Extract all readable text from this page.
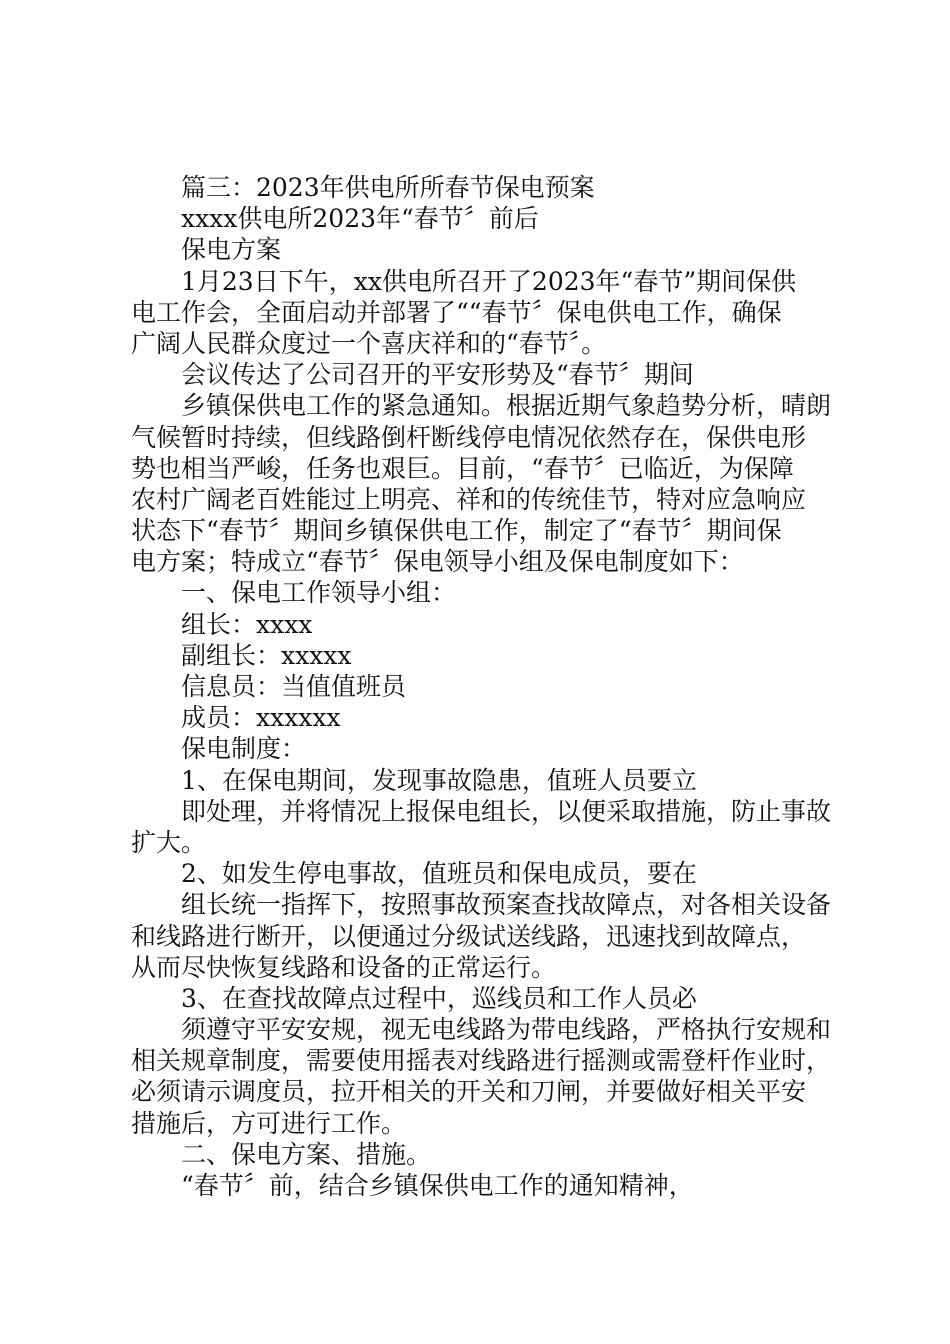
篇三：2023年供电所所春节保电预案
xxxx供电所2023年“春节〞前后
保电方案
1月23日下午，xx供电所召开了2023年“春节”期间保供
电工作会，全面启动并部署了““春节〞保电供电工作，确保
广阔人民群众度过一个喜庆祥和的“春节〞。
会议传达了公司召开的平安形势及“春节〞期间
乡镇保供电工作的紧急通知。根据近期气象趋势分析，晴朗
气候暂时持续，但线路倒杆断线停电情况依然存在，保供电形
势也相当严峻，任务也艰巨。目前，“春节〞已临近，为保障
农村广阔老百姓能过上明亮、祥和的传统佳节，特对应急响应
状态下“春节〞期间乡镇保供电工作，制定了“春节〞期间保
电方案；特成立“春节〞保电领导小组及保电制度如下：
一、保电工作领导小组：
组长：xxxx
副组长：xxxxx
信息员：当值值班员
成员：xxxxxx
保电制度：
1、在保电期间，发现事故隐患，值班人员要立
即处理，并将情况上报保电组长，以便采取措施，防止事故
扩大。
2、如发生停电事故，值班员和保电成员，要在
组长统一指挥下，按照事故预案查找故障点，对各相关设备
和线路进行断开，以便通过分级试送线路，迅速找到故障点，
从而尽快恢复线路和设备的正常运行。
3、在查找故障点过程中，巡线员和工作人员必
须遵守平安安规，视无电线路为带电线路，严格执行安规和
相关规章制度，需要使用摇表对线路进行摇测或需登杆作业时，
必须请示调度员，拉开相关的开关和刀闸，并要做好相关平安
措施后，方可进行工作。
二、保电方案、措施。
“春节〞前，结合乡镇保供电工作的通知精神，
